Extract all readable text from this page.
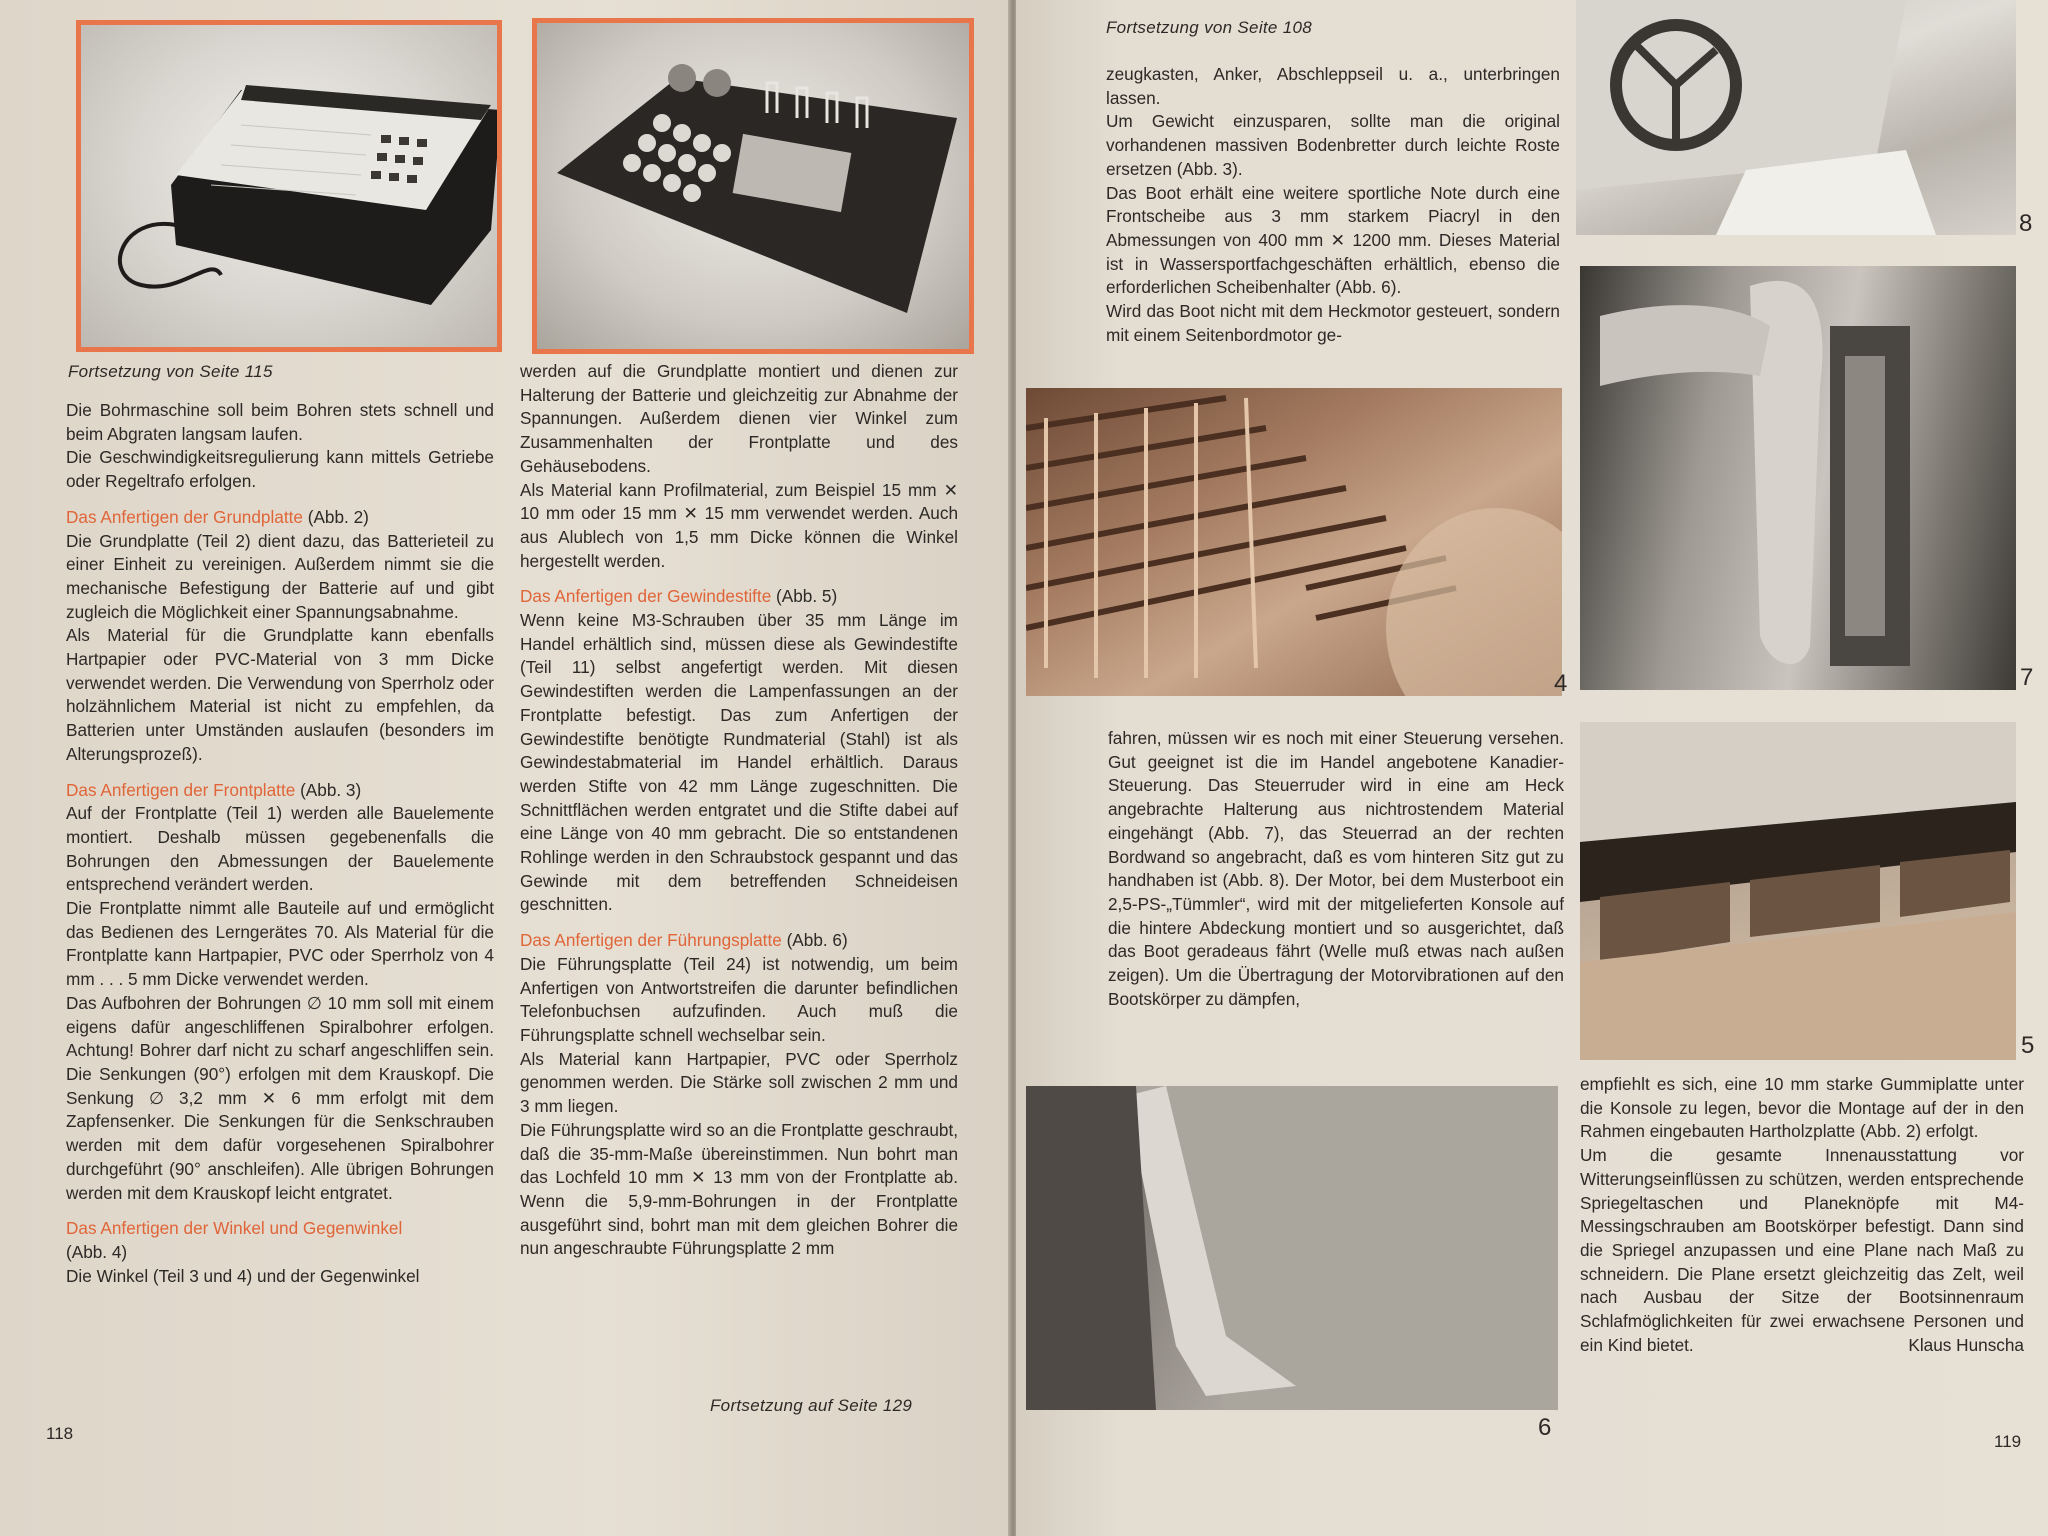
Fortsetzung von Seite 115

Die Bohrmaschine soll beim Bohren stets schnell und beim Abgraten langsam laufen.

Die Geschwindigkeitsregulierung kann mittels Getriebe oder Regeltrafo erfolgen.

Das Anfertigen der Grundplatte (Abb. 2)

Die Grundplatte (Teil 2) dient dazu, das Batterieteil zu einer Einheit zu vereinigen. Außerdem nimmt sie die mechanische Befestigung der Batterie auf und gibt zugleich die Möglichkeit einer Spannungsabnahme.

Als Material für die Grundplatte kann ebenfalls Hartpapier oder PVC-Material von 3 mm Dicke verwendet werden. Die Verwendung von Sperrholz oder holzähnlichem Material ist nicht zu empfehlen, da Batterien unter Umständen auslaufen (besonders im Alterungsprozeß).

Das Anfertigen der Frontplatte (Abb. 3)

Auf der Frontplatte (Teil 1) werden alle Bauelemente montiert. Deshalb müssen gegebenenfalls die Bohrungen den Abmessungen der Bauelemente entsprechend verändert werden.

Die Frontplatte nimmt alle Bauteile auf und ermöglicht das Bedienen des Lerngerätes 70. Als Material für die Frontplatte kann Hartpapier, PVC oder Sperrholz von 4 mm . . . 5 mm Dicke verwendet werden.

Das Aufbohren der Bohrungen ∅ 10 mm soll mit einem eigens dafür angeschliffenen Spiralbohrer erfolgen. Achtung! Bohrer darf nicht zu scharf angeschliffen sein. Die Senkungen (90°) erfolgen mit dem Krauskopf. Die Senkung ∅ 3,2 mm ✕ 6 mm erfolgt mit dem Zapfensenker. Die Senkungen für die Senkschrauben werden mit dem dafür vorgesehenen Spiralbohrer durchgeführt (90° anschleifen). Alle übrigen Bohrungen werden mit dem Krauskopf leicht entgratet.

Das Anfertigen der Winkel und Gegenwinkel

(Abb. 4)

Die Winkel (Teil 3 und 4) und der Gegenwinkel

werden auf die Grundplatte montiert und dienen zur Halterung der Batterie und gleichzeitig zur Abnahme der Spannungen. Außerdem dienen vier Winkel zum Zusammenhalten der Frontplatte und des Gehäusebodens.

Als Material kann Profilmaterial, zum Beispiel 15 mm ✕ 10 mm oder 15 mm ✕ 15 mm verwendet werden. Auch aus Alublech von 1,5 mm Dicke können die Winkel hergestellt werden.

Das Anfertigen der Gewindestifte (Abb. 5)

Wenn keine M3-Schrauben über 35 mm Länge im Handel erhältlich sind, müssen diese als Gewindestifte (Teil 11) selbst angefertigt werden. Mit diesen Gewindestiften werden die Lampenfassungen an der Frontplatte befestigt. Das zum Anfertigen der Gewindestifte benötigte Rundmaterial (Stahl) ist als Gewindestabmaterial im Handel erhältlich. Daraus werden Stifte von 42 mm Länge zugeschnitten. Die Schnittflächen werden entgratet und die Stifte dabei auf eine Länge von 40 mm gebracht. Die so entstandenen Rohlinge werden in den Schraubstock gespannt und das Gewinde mit dem betreffenden Schneideisen geschnitten.

Das Anfertigen der Führungsplatte (Abb. 6)

Die Führungsplatte (Teil 24) ist notwendig, um beim Anfertigen von Antwortstreifen die darunter befindlichen Telefonbuchsen aufzufinden. Auch muß die Führungsplatte schnell wechselbar sein.

Als Material kann Hartpapier, PVC oder Sperrholz genommen werden. Die Stärke soll zwischen 2 mm und 3 mm liegen.

Die Führungsplatte wird so an die Frontplatte geschraubt, daß die 35-mm-Maße übereinstimmen. Nun bohrt man das Lochfeld 10 mm ✕ 13 mm von der Frontplatte ab. Wenn die 5,9-mm-Bohrungen in der Frontplatte ausgeführt sind, bohrt man mit dem gleichen Bohrer die nun angeschraubte Führungsplatte 2 mm

Fortsetzung auf Seite 129
118
Fortsetzung von Seite 108

zeugkasten, Anker, Abschleppseil u. a., unterbringen lassen.

Um Gewicht einzusparen, sollte man die original vorhandenen massiven Bodenbretter durch leichte Roste ersetzen (Abb. 3).

Das Boot erhält eine weitere sportliche Note durch eine Frontscheibe aus 3 mm starkem Piacryl in den Abmessungen von 400 mm ✕ 1200 mm. Dieses Material ist in Wassersportfachgeschäften erhältlich, ebenso die erforderlichen Scheibenhalter (Abb. 6).

Wird das Boot nicht mit dem Heckmotor gesteuert, sondern mit einem Seitenbordmotor ge-

8
7
4

fahren, müssen wir es noch mit einer Steuerung versehen. Gut geeignet ist die im Handel angebotene Kanadier-Steuerung. Das Steuerruder wird in eine am Heck angebrachte Halterung aus nichtrostendem Material eingehängt (Abb. 7), das Steuerrad an der rechten Bordwand so angebracht, daß es vom hinteren Sitz gut zu handhaben ist (Abb. 8). Der Motor, bei dem Musterboot ein 2,5-PS-„Tümmler“, wird mit der mitgelieferten Konsole auf die hintere Abdeckung montiert und so ausgerichtet, daß das Boot geradeaus fährt (Welle muß etwas nach außen zeigen). Um die Übertragung der Motorvibrationen auf den Bootskörper zu dämpfen,

5
6

empfiehlt es sich, eine 10 mm starke Gummiplatte unter die Konsole zu legen, bevor die Montage auf der in den Rahmen eingebauten Hartholzplatte (Abb. 2) erfolgt.

Um die gesamte Innenausstattung vor Witterungseinflüssen zu schützen, werden entsprechende Spriegeltaschen und Planeknöpfe mit M4-Messingschrauben am Bootskörper befestigt. Dann sind die Spriegel anzupassen und eine Plane nach Maß zu schneidern. Die Plane ersetzt gleichzeitig das Zelt, weil nach Ausbau der Sitze der Bootsinnenraum Schlafmöglichkeiten für zwei erwachsene Personen und ein Kind bietet.	Klaus Hunscha

119
